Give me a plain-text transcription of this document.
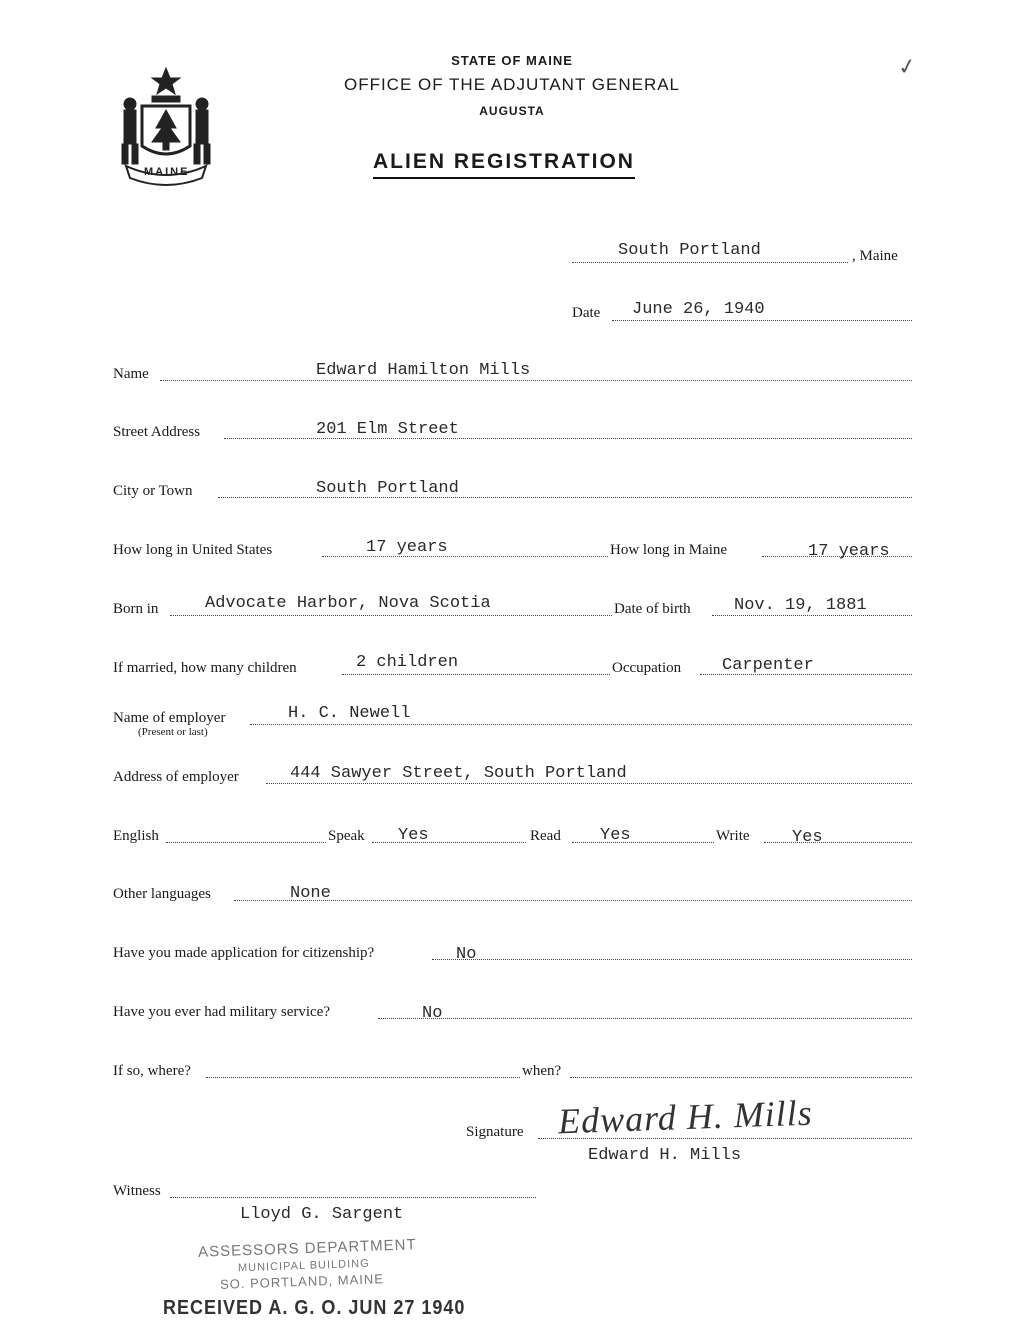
MAINE
STATE OF MAINE
OFFICE OF THE ADJUTANT GENERAL
AUGUSTA
ALIEN REGISTRATION
✓
South Portland	, Maine
Date June 26, 1940
Name	Edward Hamilton Mills
Street Address	201 Elm Street
City or Town	South Portland
How long in United States	17 years	How long in Maine	17 years
Born in	Advocate Harbor, Nova Scotia	Date of birth	Nov. 19, 1881
If married, how many children	2 children	Occupation Carpenter
Name of employer
(Present or last)
H. C. Newell
Address of employer	444 Sawyer Street, South Portland
English	Speak Yes	Read Yes	Write Yes
Other languages	None
Have you made application for citizenship?	No
Have you ever had military service?	No
If so, where?	when?
Signature Edward H. Mills
Edward H. Mills
Witness
Lloyd G. Sargent
ASSESSORS DEPARTMENT
MUNICIPAL BUILDING
SO. PORTLAND, MAINE
RECEIVED A. G. O. JUN 27 1940
